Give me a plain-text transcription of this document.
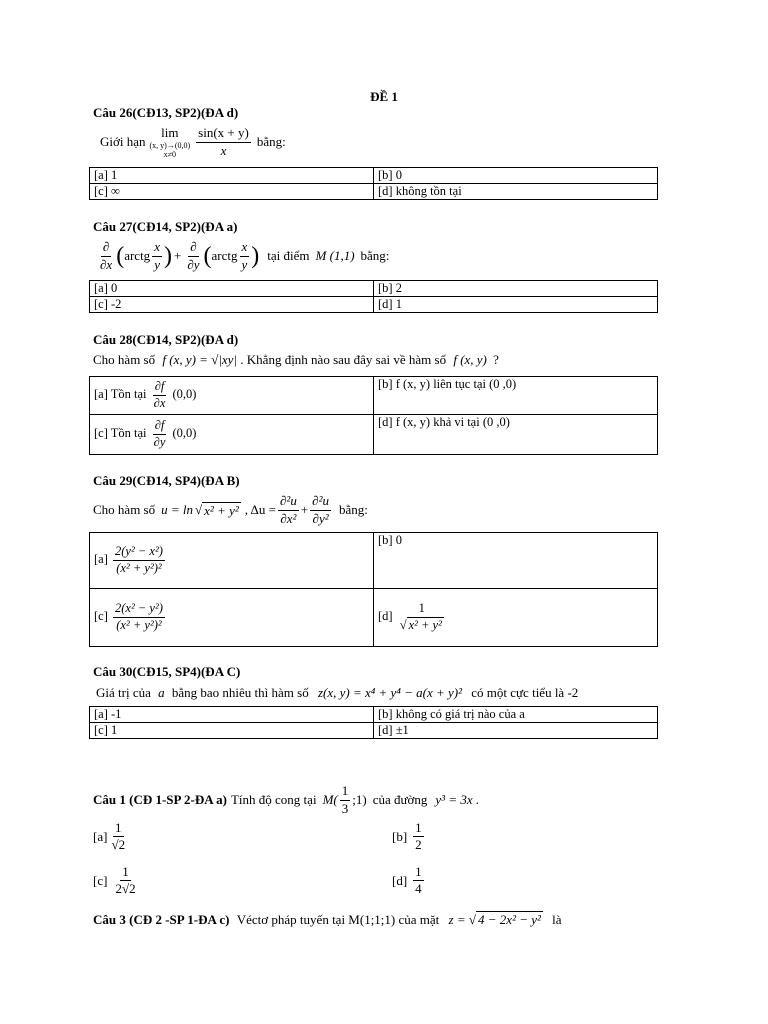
ĐỀ 1
Câu 26(CĐ13, SP2)(ĐA d)
Giới hạn
lim
(x, y)→(0,0)
$x\ne 0 \frac{\sin(x + y)}{x}$ bằng:
[a] 1	[b] 0
[c] ∞	[d] không tồn tại
Câu 27(CĐ14, SP2)(ĐA a)
$\frac{\partial}{\partial x}$ ( arctg $\frac{x}{y}$ ) + $\frac{\partial}{\partial y}$ ( arctg $\frac{x}{y}$ ) tại điểm M (1,1) bằng:
[a] 0	[b] 2
[c] -2	[d] 1
Câu 28(CĐ14, SP2)(ĐA d)
Cho hàm số f (x, y) = √|xy| . Khẳng định nào sau đây sai về hàm số f (x, y) ?
[a] Tồn tại $\frac{\partial f}{\partial x} (0,0)$	[b] f (x, y) liên tục tại (0 ,0)
[c] Tồn tại $\frac{\partial f}{\partial y} (0,0)$	[d] f (x, y) khả vi tại (0 ,0)
Câu 29(CĐ14, SP4)(ĐA B)
Cho hàm số u = ln √ x² + y² , $\Delta u = \frac{\text{∂²u}}{\text{∂x²}} + \frac{\text{∂²u}}{\text{∂y²}}$ bằng:
$[a] \frac{\text{2(y² − x²)}}{\text{(x² + y²)²}}$	[b] 0
$[c] \frac{\text{2(x² − y²)}}{\text{(x² + y²)²}}$	$[d] \frac{1}{\text{√ x² + y²}}$
Câu 30(CĐ15, SP4)(ĐA C)
Giá trị của a bằng bao nhiêu thì hàm số z(x, y) = x⁴ + y⁴ − a(x + y)² có một cực tiểu là -2
[a] -1	[b] không có giá trị nào của a
[c] 1	[d] ±1
Câu 1 (CĐ 1-SP 2-ĐA a) Tính độ cong tại $M( \frac{1}{3}$ ;1) của đường y³ = 3x .
$[a] \frac{1}{√2}$	$[b] \frac{1}{2}$
$[c] \frac{1}{2√2}$	$[d] \frac{1}{4}$
Câu 3 (CĐ 2 -SP 1-ĐA c) Véctơ pháp tuyến tại M(1;1;1) của mặt z = √ 4 − 2x² − y² là
